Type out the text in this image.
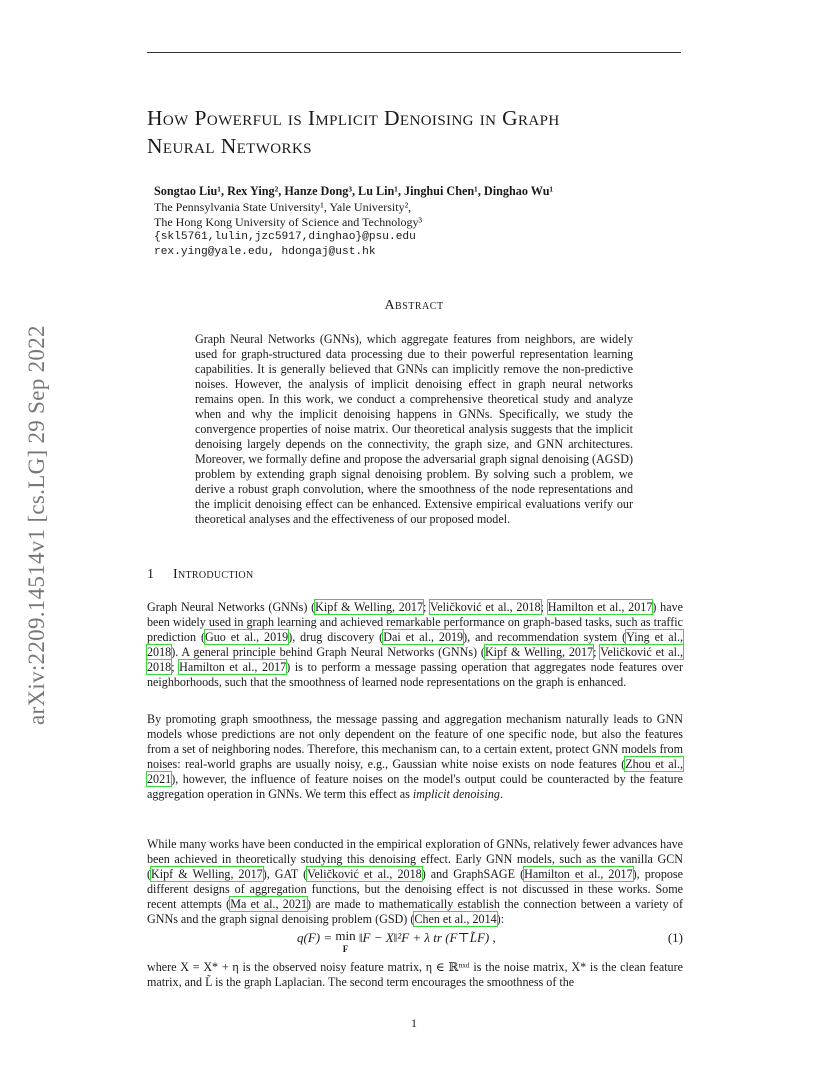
arXiv:2209.14514v1 [cs.LG] 29 Sep 2022
How Powerful is Implicit Denoising in Graph
Neural Networks
Songtao Liu¹, Rex Ying², Hanze Dong³, Lu Lin¹, Jinghui Chen¹, Dinghao Wu¹
The Pennsylvania State University¹, Yale University²,
The Hong Kong University of Science and Technology³
{skl5761,lulin,jzc5917,dinghao}@psu.edu
rex.ying@yale.edu, hdongaj@ust.hk
Abstract
Graph Neural Networks (GNNs), which aggregate features from neighbors, are widely used for graph-structured data processing due to their powerful representation learning capabilities. It is generally believed that GNNs can implicitly remove the non-predictive noises. However, the analysis of implicit denoising effect in graph neural networks remains open. In this work, we conduct a comprehensive theoretical study and analyze when and why the implicit denoising happens in GNNs. Specifically, we study the convergence properties of noise matrix. Our theoretical analysis suggests that the implicit denoising largely depends on the connectivity, the graph size, and GNN architectures. Moreover, we formally define and propose the adversarial graph signal denoising (AGSD) problem by extending graph signal denoising problem. By solving such a problem, we derive a robust graph convolution, where the smoothness of the node representations and the implicit denoising effect can be enhanced. Extensive empirical evaluations verify our theoretical analyses and the effectiveness of our proposed model.
1 Introduction
Graph Neural Networks (GNNs) (Kipf & Welling, 2017; Veličković et al., 2018; Hamilton et al., 2017) have been widely used in graph learning and achieved remarkable performance on graph-based tasks, such as traffic prediction (Guo et al., 2019), drug discovery (Dai et al., 2019), and recommendation system (Ying et al., 2018). A general principle behind Graph Neural Networks (GNNs) (Kipf & Welling, 2017; Veličković et al., 2018; Hamilton et al., 2017) is to perform a message passing operation that aggregates node features over neighborhoods, such that the smoothness of learned node representations on the graph is enhanced.
By promoting graph smoothness, the message passing and aggregation mechanism naturally leads to GNN models whose predictions are not only dependent on the feature of one specific node, but also the features from a set of neighboring nodes. Therefore, this mechanism can, to a certain extent, protect GNN models from noises: real-world graphs are usually noisy, e.g., Gaussian white noise exists on node features (Zhou et al., 2021), however, the influence of feature noises on the model's output could be counteracted by the feature aggregation operation in GNNs. We term this effect as implicit denoising.
While many works have been conducted in the empirical exploration of GNNs, relatively fewer advances have been achieved in theoretically studying this denoising effect. Early GNN models, such as the vanilla GCN (Kipf & Welling, 2017), GAT (Veličković et al., 2018) and GraphSAGE (Hamilton et al., 2017), propose different designs of aggregation functions, but the denoising effect is not discussed in these works. Some recent attempts (Ma et al., 2021) are made to mathematically establish the connection between a variety of GNNs and the graph signal denoising problem (GSD) (Chen et al., 2014):
q(F) = min
F ‖F − X‖²F + λ tr (F⊤L̃F) ,	(1)
where X = X* + η is the observed noisy feature matrix, η ∈ ℝⁿˣᵈ is the noise matrix, X* is the clean feature matrix, and L̃ is the graph Laplacian. The second term encourages the smoothness of the
1
